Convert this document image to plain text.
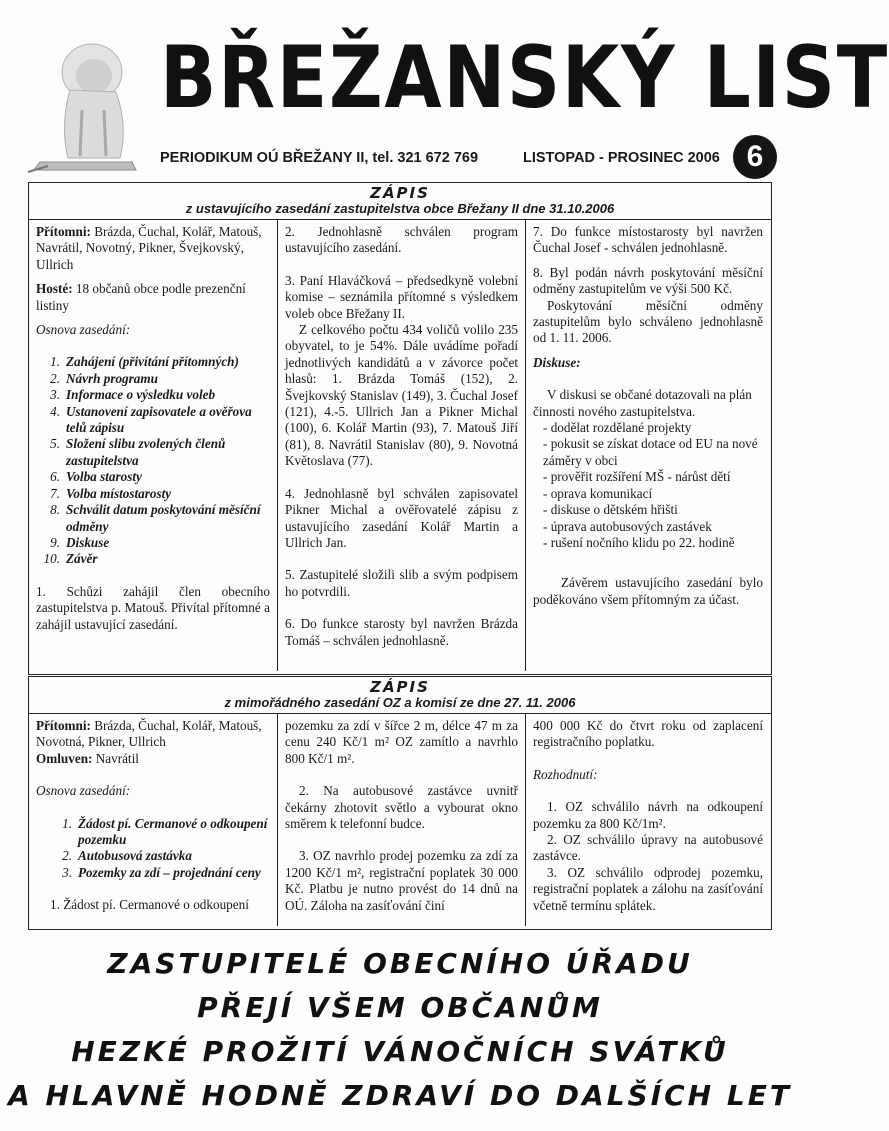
BŘEŽANSKÝ LIST
PERIODIKUM OÚ BŘEŽANY II, tel. 321 672 769	LISTOPAD - PROSINEC 2006 6
ZÁPIS
z ustavujícího zasedání zastupitelstva obce Břežany II dne 31.10.2006

Přítomni: Brázda, Čuchal, Kolář, Matouš, Navrátil, Novotný, Pikner, Švejkovský, Ullrich

Hosté: 18 občanů obce podle prezenční listiny

Osnova zasedání:

1. Zahájení (přivítání přítomných)
2. Návrh programu
3. Informace o výsledku voleb
4. Ustanovení zapisovatele a ověřova telů zápisu
5. Složení slibu zvolených členů zastupitelstva
6. Volba starosty
7. Volba místostarosty
8. Schválit datum poskytování měsíční odměny
9. Diskuse
10. Závěr

1. Schůzi zahájil člen obecního zastupitelstva p. Matouš. Přivítal přítomné a zahájil ustavující zasedání.

2. Jednohlasně schválen program ustavujícího zasedání.

3. Paní Hlaváčková – předsedkyně volební komise – seznámila přítomné s výsledkem voleb obce Břežany II.

Z celkového počtu 434 voličů volilo 235 obyvatel, to je 54%. Dále uvádíme pořadí jednotlivých kandidátů a v závorce počet hlasů: 1. Brázda Tomáš (152), 2. Švejkovský Stanislav (149), 3. Čuchal Josef (121), 4.-5. Ullrich Jan a Pikner Michal (100), 6. Kolář Martin (93), 7. Matouš Jiří (81), 8. Navrátil Stanislav (80), 9. Novotná Květoslava (77).

4. Jednohlasně byl schválen zapisovatel Pikner Michal a ověřovatelé zápisu z ustavujícího zasedání Kolář Martin a Ullrich Jan.

5. Zastupitelé složili slib a svým podpisem ho potvrdili.

6. Do funkce starosty byl navržen Brázda Tomáš – schválen jednohlasně.

7. Do funkce místostarosty byl navržen Čuchal Josef - schválen jednohlasně.

8. Byl podán návrh poskytování měsíční odměny zastupitelům ve výši 500 Kč.

Poskytování měsíční odměny zastupitelům bylo schváleno jednohlasně od 1. 11. 2006.

Diskuse:

V diskusi se občané dotazovali na plán činnosti nového zastupitelstva.

- dodělat rozdělané projekty
- pokusit se získat dotace od EU na nové záměry v obci
- prověřit rozšíření MŠ - nárůst dětí
- oprava komunikací
- diskuse o dětském hřišti
- úprava autobusových zastávek
- rušení nočního klidu po 22. hodině

Závěrem ustavujícího zasedání bylo poděkováno všem přítomným za účast.

ZÁPIS
z mimořádného zasedání OZ a komisí ze dne 27. 11. 2006

Přítomni: Brázda, Čuchal, Kolář, Matouš, Novotná, Pikner, Ullrich

Omluven: Navrátil

Osnova zasedání:

1. Žádost pí. Cermanové o odkoupení pozemku
2. Autobusová zastávka
3. Pozemky za zdí – projednání ceny

1. Žádost pí. Cermanové o odkoupení

pozemku za zdí v šířce 2 m, délce 47 m za cenu 240 Kč/1 m² OZ zamítlo a navrhlo 800 Kč/1 m².

2. Na autobusové zastávce uvnitř čekárny zhotovit světlo a vybourat okno směrem k telefonní budce.

3. OZ navrhlo prodej pozemku za zdí za 1200 Kč/1 m², registrační poplatek 30 000 Kč. Platbu je nutno provést do 14 dnů na OÚ. Záloha na zasíťování činí

400 000 Kč do čtvrt roku od zaplacení registračního poplatku.

Rozhodnutí:

1. OZ schválilo návrh na odkoupení pozemku za 800 Kč/1m².

2. OZ schválilo úpravy na autobusové zastávce.

3. OZ schválilo odprodej pozemku, registrační poplatek a zálohu na zasíťování včetně termínu splátek.

ZASTUPITELÉ OBECNÍHO ÚŘADU
PŘEJÍ VŠEM OBČANŮM
HEZKÉ PROŽITÍ VÁNOČNÍCH SVÁTKŮ
A HLAVNĚ HODNĚ ZDRAVÍ DO DALŠÍCH LET
